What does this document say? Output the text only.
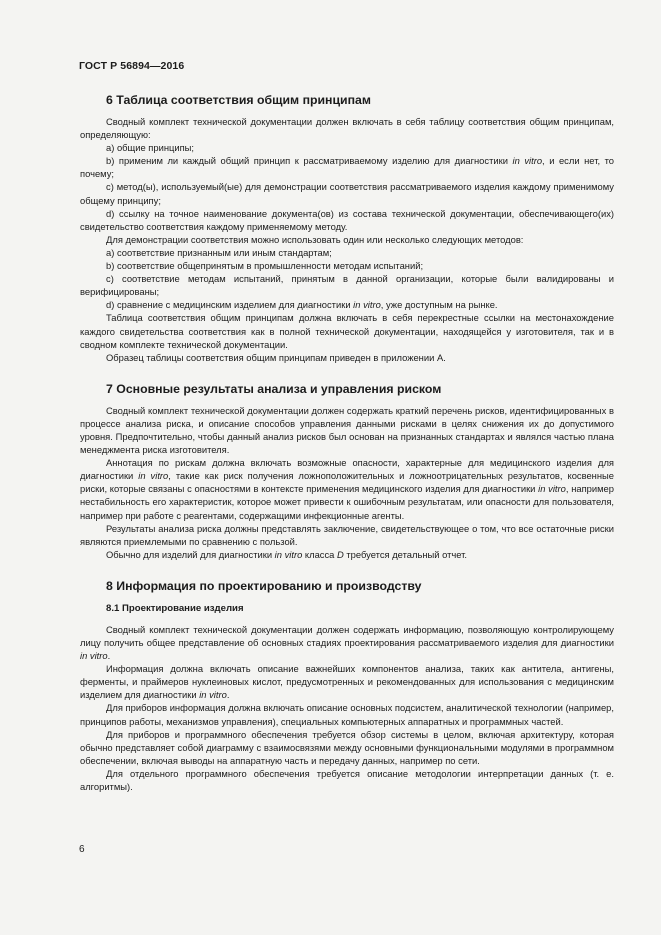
ГОСТ Р 56894—2016
6 Таблица соответствия общим принципам

Сводный комплект технической документации должен включать в себя таблицу соответствия общим принципам, определяющую:

а) общие принципы;

b) применим ли каждый общий принцип к рассматриваемому изделию для диагностики in vitro, и если нет, то почему;

с) метод(ы), используемый(ые) для демонстрации соответствия рассматриваемого изделия каждому применимому общему принципу;

d) ссылку на точное наименование документа(ов) из состава технической документации, обеспечивающего(их) свидетельство соответствия каждому применяемому методу.

Для демонстрации соответствия можно использовать один или несколько следующих методов:

а) соответствие признанным или иным стандартам;

b) соответствие общепринятым в промышленности методам испытаний;

с) соответствие методам испытаний, принятым в данной организации, которые были валидированы и верифицированы;

d) сравнение с медицинским изделием для диагностики in vitro, уже доступным на рынке.

Таблица соответствия общим принципам должна включать в себя перекрестные ссылки на местонахождение каждого свидетельства соответствия как в полной технической документации, находящейся у изготовителя, так и в сводном комплекте технической документации.

Образец таблицы соответствия общим принципам приведен в приложении А.

7 Основные результаты анализа и управления риском

Сводный комплект технической документации должен содержать краткий перечень рисков, идентифицированных в процессе анализа риска, и описание способов управления данными рисками в целях снижения их до допустимого уровня. Предпочтительно, чтобы данный анализ рисков был основан на признанных стандартах и являлся частью плана менеджмента риска изготовителя.

Аннотация по рискам должна включать возможные опасности, характерные для медицинского изделия для диагностики in vitro, такие как риск получения ложноположительных и ложноотрицательных результатов, косвенные риски, которые связаны с опасностями в контексте применения медицинского изделия для диагностики in vitro, например нестабильность его характеристик, которое может привести к ошибочным результатам, или опасности для пользователя, например при работе с реагентами, содержащими инфекционные агенты.

Результаты анализа риска должны представлять заключение, свидетельствующее о том, что все остаточные риски являются приемлемыми по сравнению с пользой.

Обычно для изделий для диагностики in vitro класса D требуется детальный отчет.

8 Информация по проектированию и производству
8.1 Проектирование изделия

Сводный комплект технической документации должен содержать информацию, позволяющую контролирующему лицу получить общее представление об основных стадиях проектирования рассматриваемого изделия для диагностики in vitro.

Информация должна включать описание важнейших компонентов анализа, таких как антитела, антигены, ферменты, и праймеров нуклеиновых кислот, предусмотренных и рекомендованных для использования с медицинским изделием для диагностики in vitro.

Для приборов информация должна включать описание основных подсистем, аналитической технологии (например, принципов работы, механизмов управления), специальных компьютерных аппаратных и программных частей.

Для приборов и программного обеспечения требуется обзор системы в целом, включая архитектуру, которая обычно представляет собой диаграмму с взаимосвязями между основными функциональными модулями в программном обеспечении, включая выводы на аппаратную часть и передачу данных, например по сети.

Для отдельного программного обеспечения требуется описание методологии интерпретации данных (т. е. алгоритмы).

6
